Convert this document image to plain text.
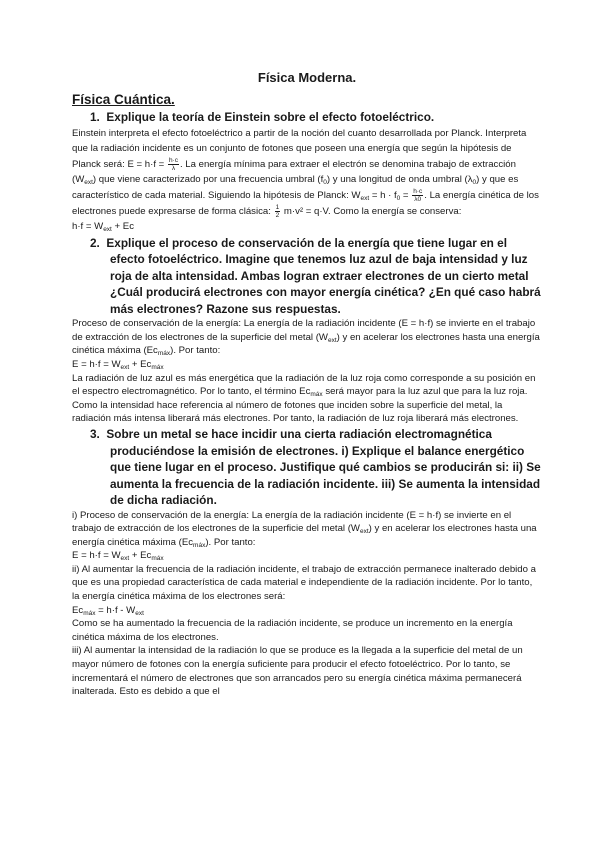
Física Moderna.

Física Cuántica.

1. Explique la teoría de Einstein sobre el efecto fotoeléctrico.

Einstein interpreta el efecto fotoeléctrico a partir de la noción del cuanto desarrollada por Planck. Interpreta que la radiación incidente es un conjunto de fotones que poseen una energía que según la hipótesis de Planck será: $E = h\cdot f = \frac{h\cdot c}{\lambda}$ . La energía mínima para extraer el electrón se denomina trabajo de extracción $(W_{ext})$ que viene caracterizado por una frecuencia umbral $(f_0)$ y una longitud de onda umbral $(\lambda_0)$ y que es característico de cada material. Siguiendo la hipótesis de Planck: $W_{ext} = h \cdot f_0 = \frac{h\cdot c}{\lambda 0}$ . La energía cinética de los electrones puede expresarse de forma clásica: $\frac{1}{2} m\cdot v^2 = q\cdot V$. Como la energía se conserva:
$h\cdot f = W_{ext} + Ec$

2. Explique el proceso de conservación de la energía que tiene lugar en el efecto fotoeléctrico. Imagine que tenemos luz azul de baja intensidad y luz roja de alta intensidad. Ambas logran extraer electrones de un cierto metal ¿Cuál producirá electrones con mayor energía cinética? ¿En qué caso habrá más electrones? Razone sus respuestas.

Proceso de conservación de la energía: La energía de la radiación incidente (E = h·f) se invierte en el trabajo de extracción de los electrones de la superficie del metal $(W_{ext})$ y en acelerar los electrones hasta una energía cinética máxima $(Ec_{máx})$. Por tanto:
$E = h\cdot f = W_{ext} + Ec_{máx}$
La radiación de luz azul es más energética que la radiación de la luz roja como corresponde a su posición en el espectro electromagnético. Por lo tanto, el término $Ec_{máx}$ será mayor para la luz azul que para la luz roja.
Como la intensidad hace referencia al número de fotones que inciden sobre la superficie del metal, la radiación más intensa liberará más electrones. Por tanto, la radiación de luz roja liberará más electrones.

3. Sobre un metal se hace incidir una cierta radiación electromagnética produciéndose la emisión de electrones. i) Explique el balance energético que tiene lugar en el proceso. Justifique qué cambios se producirán si: ii) Se aumenta la frecuencia de la radiación incidente. iii) Se aumenta la intensidad de dicha radiación.

i) Proceso de conservación de la energía: La energía de la radiación incidente (E = h·f) se invierte en el trabajo de extracción de los electrones de la superficie del metal $(W_{ext})$ y en acelerar los electrones hasta una energía cinética máxima $(Ec_{máx})$. Por tanto:
$E = h\cdot f = W_{ext} + Ec_{máx}$
ii) Al aumentar la frecuencia de la radiación incidente, el trabajo de extracción permanece inalterado debido a que es una propiedad característica de cada material e independiente de la radiación incidente. Por lo tanto, la energía cinética máxima de los electrones será:
$Ec_{máx} = h\cdot f - W_{ext}$
Como se ha aumentado la frecuencia de la radiación incidente, se produce un incremento en la energía cinética máxima de los electrones.
iii) Al aumentar la intensidad de la radiación lo que se produce es la llegada a la superficie del metal de un mayor número de fotones con la energía suficiente para producir el efecto fotoeléctrico. Por lo tanto, se incrementará el número de electrones que son arrancados pero su energía cinética máxima permanecerá inalterada. Esto es debido a que el
